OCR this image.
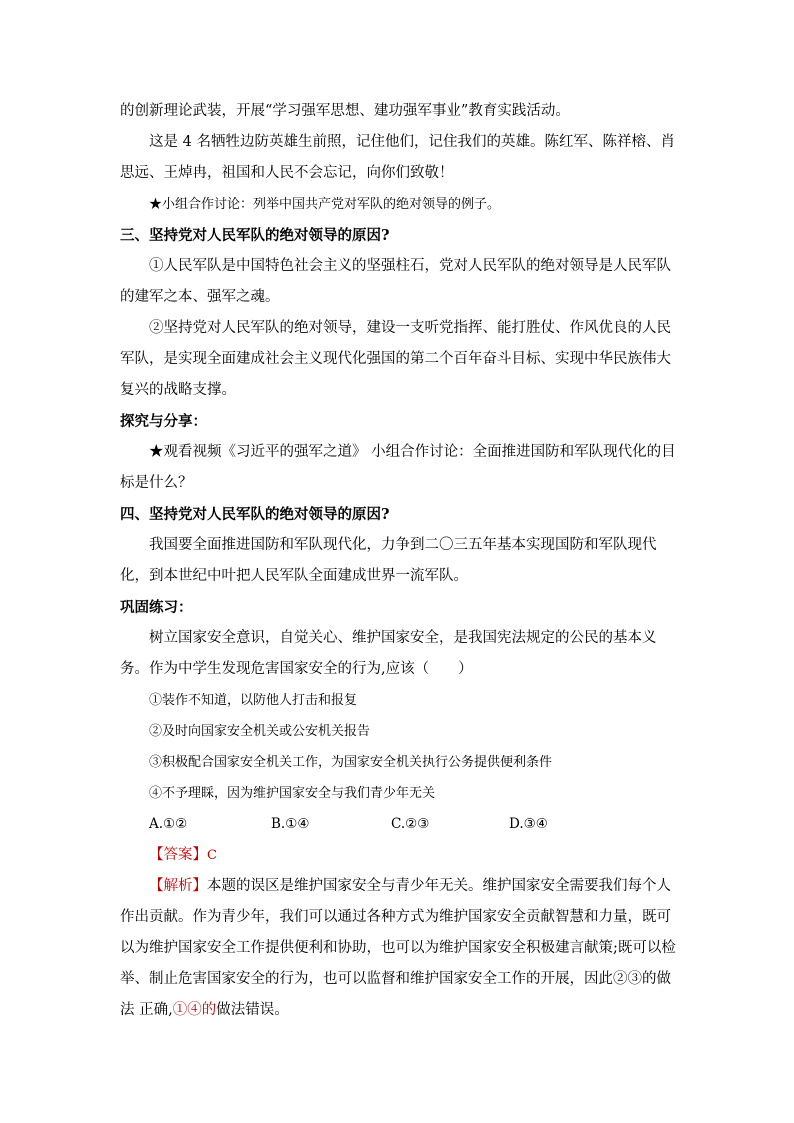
的创新理论武装，开展“学习强军思想、建功强军事业”教育实践活动。

这是 4 名牺牲边防英雄生前照，记住他们，记住我们的英雄。陈红军、陈祥榕、肖思远、王焯冉，祖国和人民不会忘记，向你们致敬！

★小组合作讨论：列举中国共产党对军队的绝对领导的例子。

三、坚持党对人民军队的绝对领导的原因?

①人民军队是中国特色社会主义的坚强柱石，党对人民军队的绝对领导是人民军队的建军之本、强军之魂。

②坚持党对人民军队的绝对领导，建设一支听党指挥、能打胜仗、作风优良的人民军队，是实现全面建成社会主义现代化强国的第二个百年奋斗目标、实现中华民族伟大复兴的战略支撑。

探究与分享：

★观看视频《习近平的强军之道》 小组合作讨论：全面推进国防和军队现代化的目标是什么？

四、坚持党对人民军队的绝对领导的原因?

我国要全面推进国防和军队现代化，力争到二〇三五年基本实现国防和军队现代化，到本世纪中叶把人民军队全面建成世界一流军队。

巩固练习：

树立国家安全意识，自觉关心、维护国家安全，是我国宪法规定的公民的基本义务。作为中学生发现危害国家安全的行为,应该（　　）

①装作不知道，以防他人打击和报复

②及时向国家安全机关或公安机关报告

③积极配合国家安全机关工作，为国家安全机关执行公务提供便利条件

④不予理睬，因为维护国家安全与我们青少年无关

A.①②	B.①④	C.②③	D.③④

【答案】C

【解析】本题的误区是维护国家安全与青少年无关。维护国家安全需要我们每个人作出贡献。作为青少年，我们可以通过各种方式为维护国家安全贡献智慧和力量，既可以为维护国家安全工作提供便利和协助，也可以为维护国家安全积极建言献策;既可以检举、制止危害国家安全的行为，也可以监督和维护国家安全工作的开展，因此②③的做法 正确,①④的做法错误。
